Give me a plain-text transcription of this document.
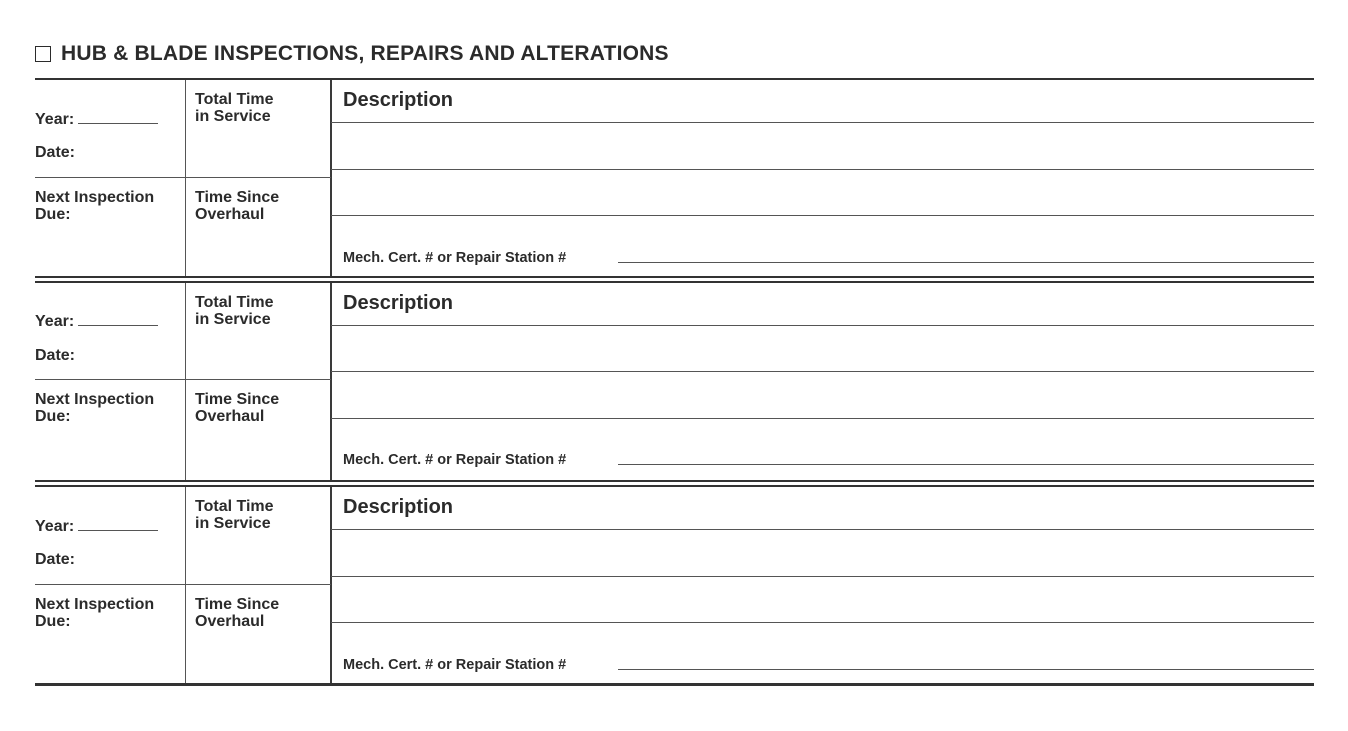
HUB & BLADE INSPECTIONS, REPAIRS AND ALTERATIONS
Year:
Date:
Next Inspection
Due:
Total Time
in Service
Time Since
Overhaul
Description
Mech. Cert. # or Repair Station #
Year:
Date:
Next Inspection
Due:
Total Time
in Service
Time Since
Overhaul
Description
Mech. Cert. # or Repair Station #
Year:
Date:
Next Inspection
Due:
Total Time
in Service
Time Since
Overhaul
Description
Mech. Cert. # or Repair Station #
